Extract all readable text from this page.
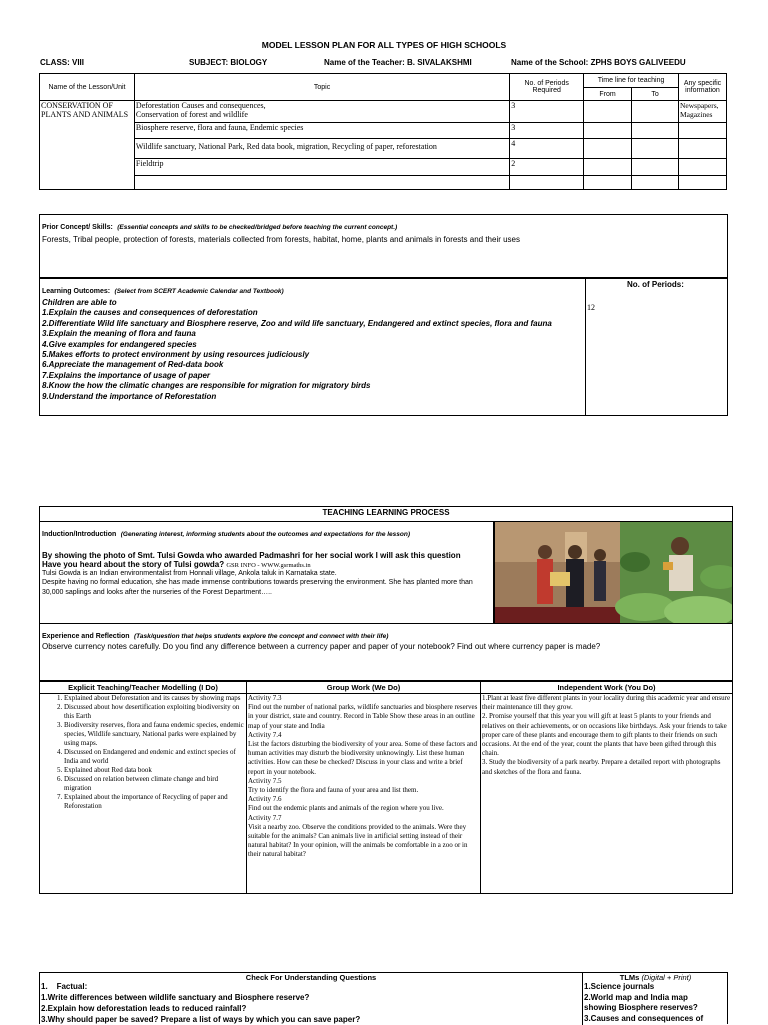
MODEL LESSON PLAN FOR ALL TYPES OF HIGH SCHOOLS
CLASS: VIII	SUBJECT: BIOLOGY	Name of the Teacher: B. SIVALAKSHMI	Name of the School: ZPHS BOYS GALIVEEDU
Name of the Lesson/Unit	Topic	No. of Periods Required	Time line for teaching		Any specific information
			From	To	
CONSERVATION OF PLANTS AND ANIMALS	Deforestation Causes and consequences,
Conservation of forest and wildlife	3			Newspapers, Magazines
	Biosphere reserve, flora and fauna, Endemic species	3			
	Wildlife sanctuary, National Park, Red data book, migration, Recycling of paper, reforestation	4			
	Fieldtrip	2			

Prior Concept/ Skills: (Essential concepts and skills to be checked/bridged before teaching the current concept.)
Forests, Tribal people, protection of forests, materials collected from forests, habitat, home, plants and animals in forests and their uses
Learning Outcomes: (Select from SCERT Academic Calendar and Textbook)
Children are able to
1.Explain the causes and consequences of deforestation
2.Differentiate Wild life sanctuary and Biosphere reserve, Zoo and wild life sanctuary, Endangered and extinct species, flora and fauna
3.Explain the meaning of flora and fauna
4.Give examples for endangered species
5.Makes efforts to protect environment by using resources judiciously
6.Appreciate the management of Red-data book
7.Explains the importance of usage of paper
8.Know the how the climatic changes are responsible for migration for migratory birds
9.Understand the importance of Reforestation
No. of Periods:
12
TEACHING LEARNING PROCESS
Induction/Introduction (Generating interest, informing students about the outcomes and expectations for the lesson)
By showing the photo of Smt. Tulsi Gowda who awarded Padmashri for her social work I will ask this question
Have you heard about the story of Tulsi gowda? GSR INFO - WWW.gsrmaths.in
Tulsi Gowda is an Indian environmentalist from Honnali village, Ankola taluk in Karnataka state.
Despite having no formal education, she has made immense contributions towards preserving the environment. She has planted more than 30,000 saplings and looks after the nurseries of the Forest Department…..
Experience and Reflection (Task/question that helps students explore the concept and connect with their life)
Observe currency notes carefully. Do you find any difference between a currency paper and paper of your notebook? Find out where currency paper is made?
Explicit Teaching/Teacher Modelling (I Do)
1. Explained about Deforestation and its causes by showing maps
2. Discussed about how desertification exploiting biodiversity on this Earth
3. Biodiversity reserves, flora and fauna endemic species, endemic species, Wildlife sanctuary, National parks were explained by using maps.
4. Discussed on Endangered and endemic and extinct species of India and world
5. Explained about Red data book
6. Discussed on relation between climate change and bird migration
7. Explained about the importance of Recycling of paper and Reforestation
Group Work (We Do)
Activity 7.3
Find out the number of national parks, wildlife sanctuaries and biosphere reserves in your district, state and country. Record in Table Show these areas in an outline map of your state and India
Activity 7.4
List the factors disturbing the biodiversity of your area. Some of these factors and human activities may disturb the biodiversity unknowingly. List these human activities. How can these be checked? Discuss in your class and write a brief report in your notebook.
Activity 7.5
Try to identify the flora and fauna of your area and list them.
Activity 7.6
Find out the endemic plants and animals of the region where you live.
Activity 7.7
Visit a nearby zoo. Observe the conditions provided to the animals. Were they suitable for the animals? Can animals live in artificial setting instead of their natural habitat? In your opinion, will the animals be comfortable in a zoo or in their natural habitat?
Independent Work (You Do)
1.Plant at least five different plants in your locality during this academic year and ensure their maintenance till they grow.
2. Promise yourself that this year you will gift at least 5 plants to your friends and relatives on their achievements, or on occasions like birthdays. Ask your friends to take proper care of these plants and encourage them to gift plants to their friends on such occasions. At the end of the year, count the plants that have been gifted through this chain.
3. Study the biodiversity of a park nearby. Prepare a detailed report with photographs and sketches of the flora and fauna.
Check For Understanding Questions
1.    Factual:
1.Write differences between wildlife sanctuary and Biosphere reserve?
2.Explain how deforestation leads to reduced rainfall?
3.Why should paper be saved? Prepare a list of ways by which you can save paper?
TLMs (Digital + Print)
1.Science journals
2.World map and India map
showing Biosphere reserves?
3.Causes and consequences of
